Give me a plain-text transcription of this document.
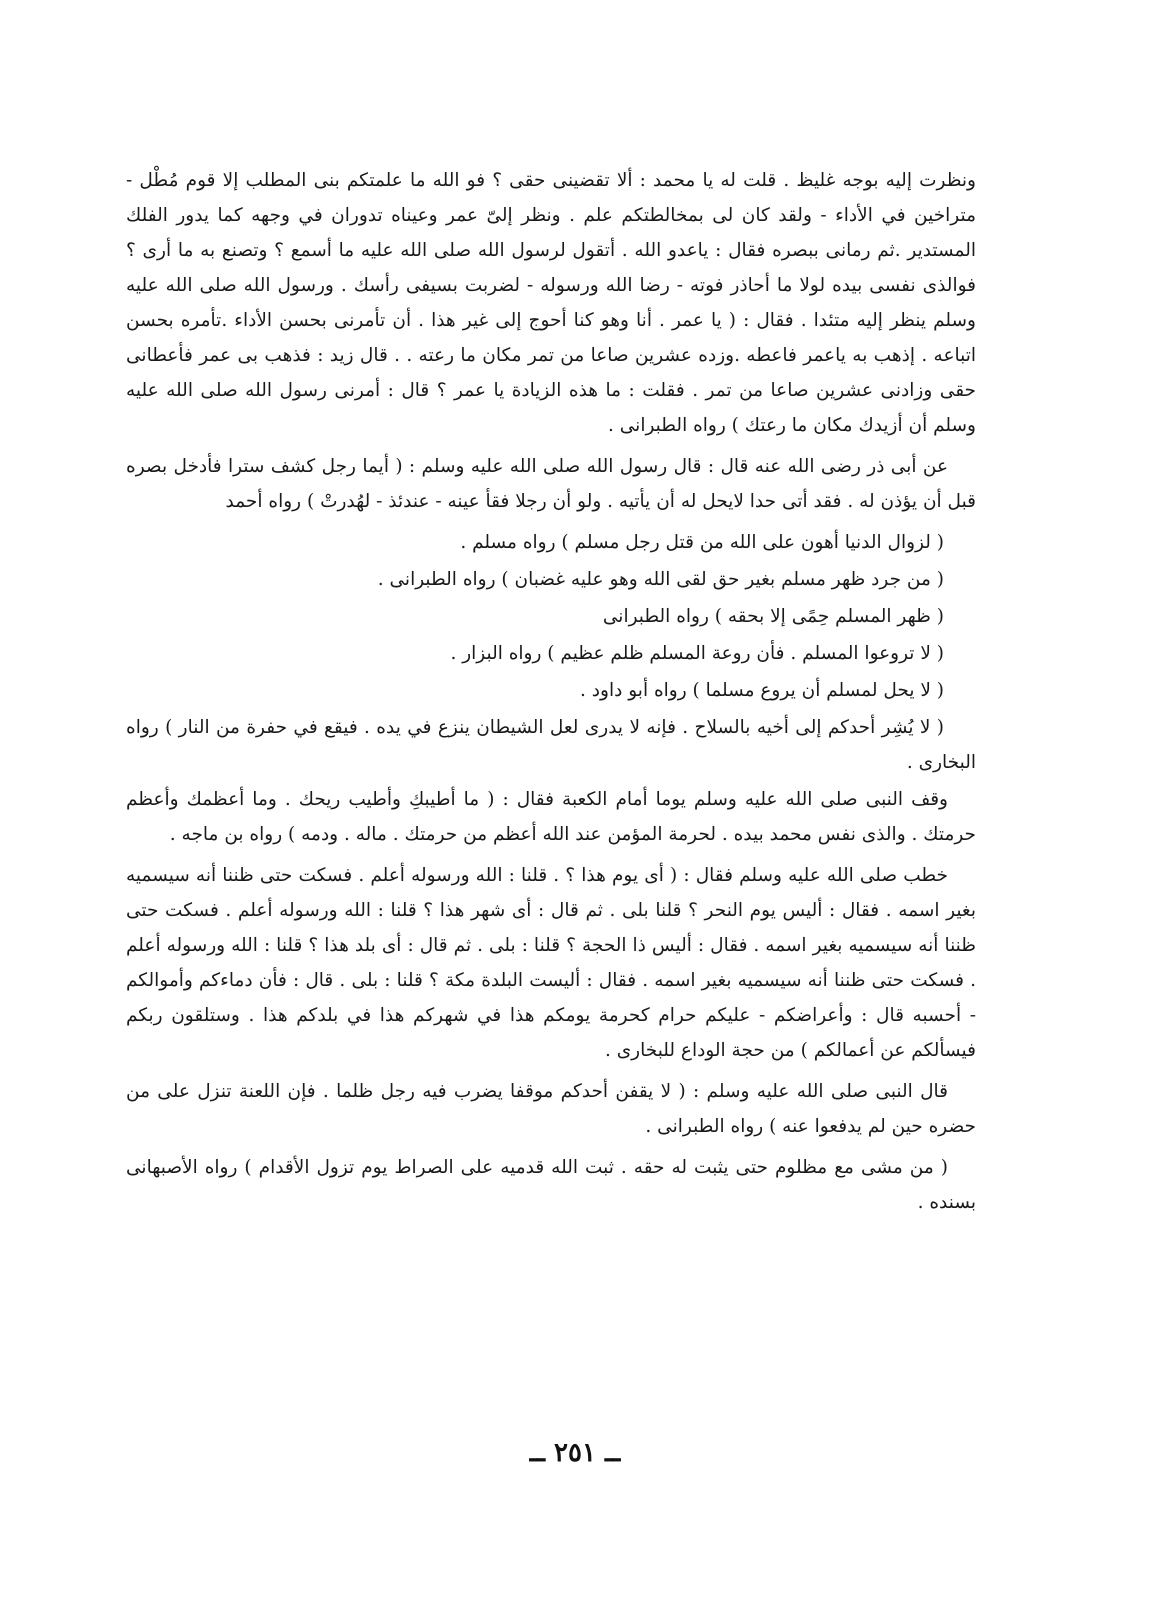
ونظرت إليه بوجه غليظ . قلت له يا محمد : ألا تقضينى حقى ؟ فو الله ما علمتكم بنى المطلب إلا قوم مُطْل - متراخين في الأداء - ولقد كان لى بمخالطتكم علم . ونظر إلىّ عمر وعيناه تدوران في وجهه كما يدور الفلك المستدير .ثم رمانى ببصره فقال : ياعدو الله . أتقول لرسول الله صلى الله عليه ما أسمع ؟ وتصنع به ما أرى ؟ فوالذى نفسى بيده لولا ما أحاذر فوته - رضا الله ورسوله - لضربت بسيفى رأسك . ورسول الله صلى الله عليه وسلم ينظر إليه متئدا . فقال : ( يا عمر . أنا وهو كنا أحوج إلى غير هذا . أن تأمرنى بحسن الأداء .تأمره بحسن اتباعه . إذهب به ياعمر فاعطه .وزده عشرين صاعا من تمر مكان ما رعته . . قال زيد : فذهب بى عمر فأعطانى حقى وزادنى عشرين صاعا من تمر . فقلت : ما هذه الزيادة يا عمر ؟ قال : أمرنى رسول الله صلى الله عليه وسلم أن أزيدك مكان ما رعتك ) رواه الطبرانى .

عن أبى ذر رضى الله عنه قال : قال رسول الله صلى الله عليه وسلم : ( أيما رجل كشف سترا فأدخل بصره قبل أن يؤذن له . فقد أتى حدا لايحل له أن يأتيه . ولو أن رجلا فقأ عينه - عندئذ - لهُدرتْ ) رواه أحمد

( لزوال الدنيا أهون على الله من قتل رجل مسلم ) رواه مسلم .

( من جرد ظهر مسلم بغير حق لقى الله وهو عليه غضبان ) رواه الطبرانى .

( ظهر المسلم حِمًى إلا بحقه ) رواه الطبرانى

( لا تروعوا المسلم . فأن روعة المسلم ظلم عظيم ) رواه البزار .

( لا يحل لمسلم أن يروع مسلما ) رواه أبو داود .

( لا يُشِر أحدكم إلى أخيه بالسلاح . فإنه لا يدرى لعل الشيطان ينزع في يده . فيقع في حفرة من النار ) رواه البخارى .

وقف النبى صلى الله عليه وسلم يوما أمام الكعبة فقال : ( ما أطيبكِ وأطيب ريحك . وما أعظمك وأعظم حرمتك . والذى نفس محمد بيده . لحرمة المؤمن عند الله أعظم من حرمتك . ماله . ودمه ) رواه بن ماجه .

خطب صلى الله عليه وسلم فقال : ( أى يوم هذا ؟ . قلنا : الله ورسوله أعلم . فسكت حتى ظننا أنه سيسميه بغير اسمه . فقال : أليس يوم النحر ؟ قلنا بلى . ثم قال : أى شهر هذا ؟ قلنا : الله ورسوله أعلم . فسكت حتى ظننا أنه سيسميه بغير اسمه . فقال : أليس ذا الحجة ؟ قلنا : بلى . ثم قال : أى بلد هذا ؟ قلنا : الله ورسوله أعلم . فسكت حتى ظننا أنه سيسميه بغير اسمه . فقال : أليست البلدة مكة ؟ قلنا : بلى . قال : فأن دماءكم وأموالكم - أحسبه قال : وأعراضكم - عليكم حرام كحرمة يومكم هذا في شهركم هذا في بلدكم هذا . وستلقون ربكم فيسألكم عن أعمالكم ) من حجة الوداع للبخارى .

قال النبى صلى الله عليه وسلم : ( لا يقفن أحدكم موقفا يضرب فيه رجل ظلما . فإن اللعنة تنزل على من حضره حين لم يدفعوا عنه ) رواه الطبرانى .

( من مشى مع مظلوم حتى يثبت له حقه . ثبت الله قدميه على الصراط يوم تزول الأقدام ) رواه الأصبهانى بسنده .

ــ ٢٥١ ــ
